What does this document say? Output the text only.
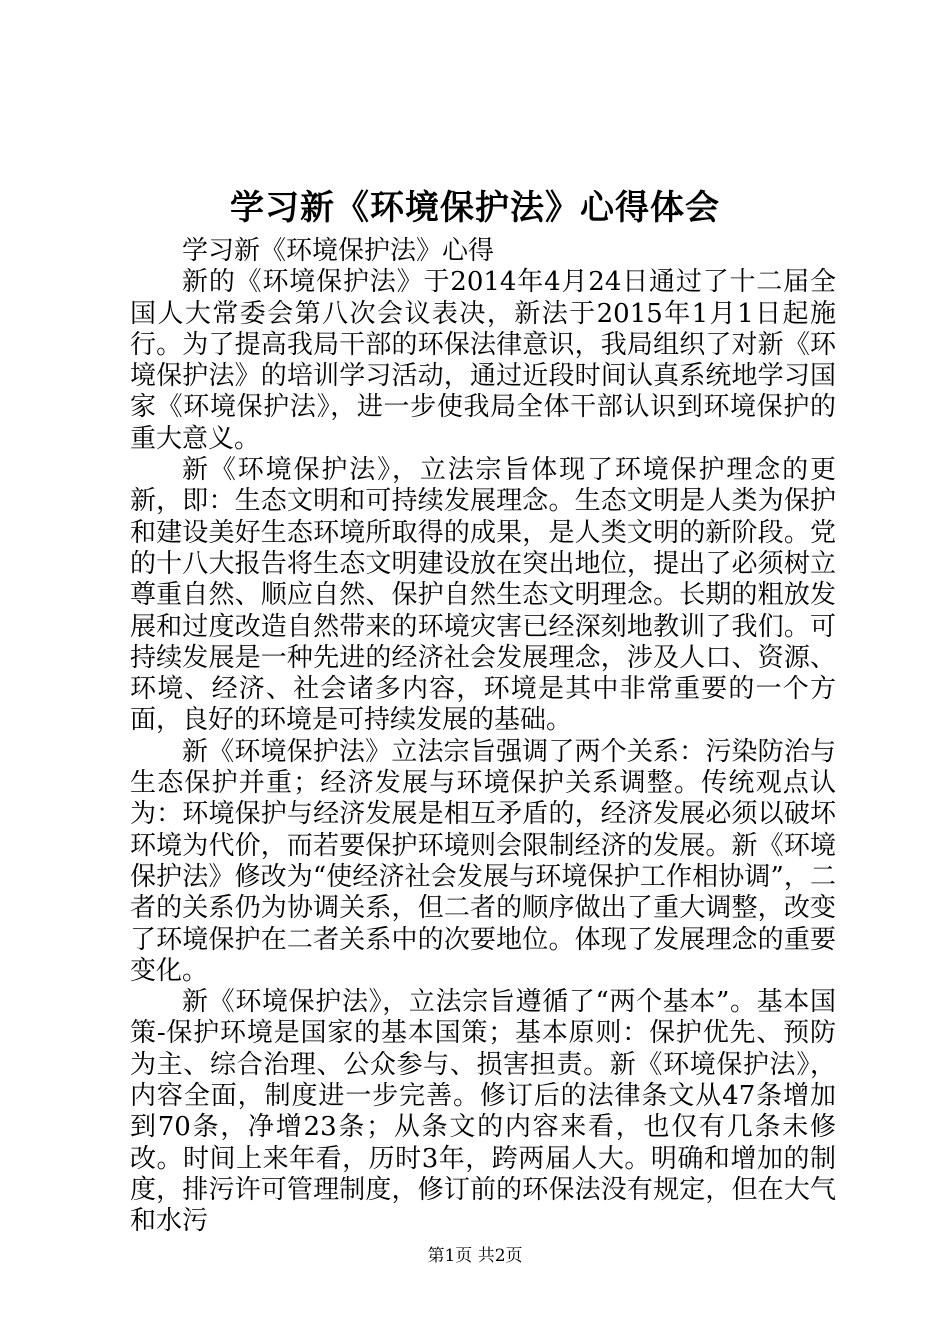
学习新《环境保护法》心得体会

学习新《环境保护法》心得

新的《环境保护法》于2014年4月24日通过了十二届全国人大常委会第八次会议表决，新法于2015年1月1日起施行。为了提高我局干部的环保法律意识，我局组织了对新《环境保护法》的培训学习活动，通过近段时间认真系统地学习国家《环境保护法》，进一步使我局全体干部认识到环境保护的重大意义。

新《环境保护法》，立法宗旨体现了环境保护理念的更新，即：生态文明和可持续发展理念。生态文明是人类为保护和建设美好生态环境所取得的成果，是人类文明的新阶段。党的十八大报告将生态文明建设放在突出地位，提出了必须树立尊重自然、顺应自然、保护自然生态文明理念。长期的粗放发展和过度改造自然带来的环境灾害已经深刻地教训了我们。可持续发展是一种先进的经济社会发展理念，涉及人口、资源、环境、经济、社会诸多内容，环境是其中非常重要的一个方面，良好的环境是可持续发展的基础。

新《环境保护法》立法宗旨强调了两个关系：污染防治与生态保护并重；经济发展与环境保护关系调整。传统观点认为：环境保护与经济发展是相互矛盾的，经济发展必须以破坏环境为代价，而若要保护环境则会限制经济的发展。新《环境保护法》修改为“使经济社会发展与环境保护工作相协调”，二者的关系仍为协调关系，但二者的顺序做出了重大调整，改变了环境保护在二者关系中的次要地位。体现了发展理念的重要变化。

新《环境保护法》，立法宗旨遵循了“两个基本”。基本国策-保护环境是国家的基本国策；基本原则：保护优先、预防为主、综合治理、公众参与、损害担责。新《环境保护法》，内容全面，制度进一步完善。修订后的法律条文从47条增加到70条，净增23条；从条文的内容来看，也仅有几条未修改。时间上来年看，历时3年，跨两届人大。明确和增加的制度，排污许可管理制度，修订前的环保法没有规定，但在大气和水污

第1页 共2页
